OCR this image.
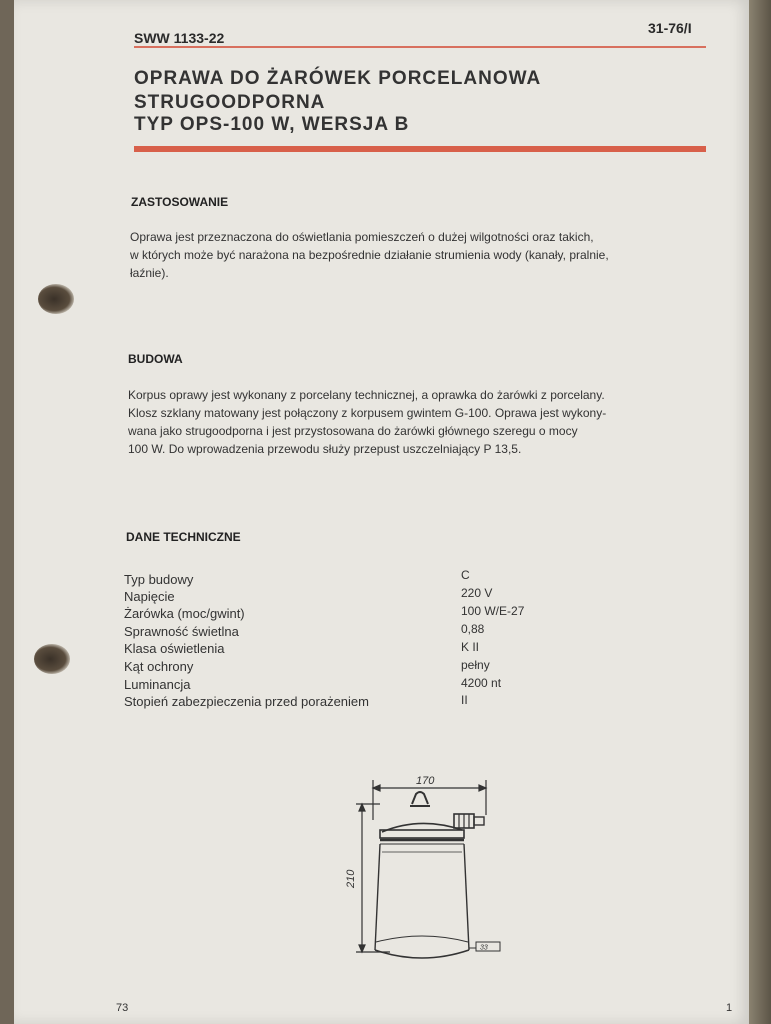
SWW 1133-22
31-76/I
OPRAWA DO ŻARÓWEK PORCELANOWA
STRUGOODPORNA
TYP OPS-100 W, WERSJA B
ZASTOSOWANIE
Oprawa jest przeznaczona do oświetlania pomieszczeń o dużej wilgotności oraz takich,
w których może być narażona na bezpośrednie działanie strumienia wody (kanały, pralnie,
łaźnie).
BUDOWA
Korpus oprawy jest wykonany z porcelany technicznej, a oprawka do żarówki z porcelany.
Klosz szklany matowany jest połączony z korpusem gwintem G-100. Oprawa jest wykony-
wana jako strugoodporna i jest przystosowana do żarówki głównego szeregu o mocy
100 W. Do wprowadzenia przewodu służy przepust uszczelniający P 13,5.
DANE TECHNICZNE
Typ budowy	C
Napięcie	220 V
Żarówka (moc/gwint)	100 W/E-27
Sprawność świetlna	0,88
Klasa oświetlenia	K II
Kąt ochrony	pełny
Luminancja	4200 nt
Stopień zabezpieczenia przed porażeniem	II
170
210
33
73	1
